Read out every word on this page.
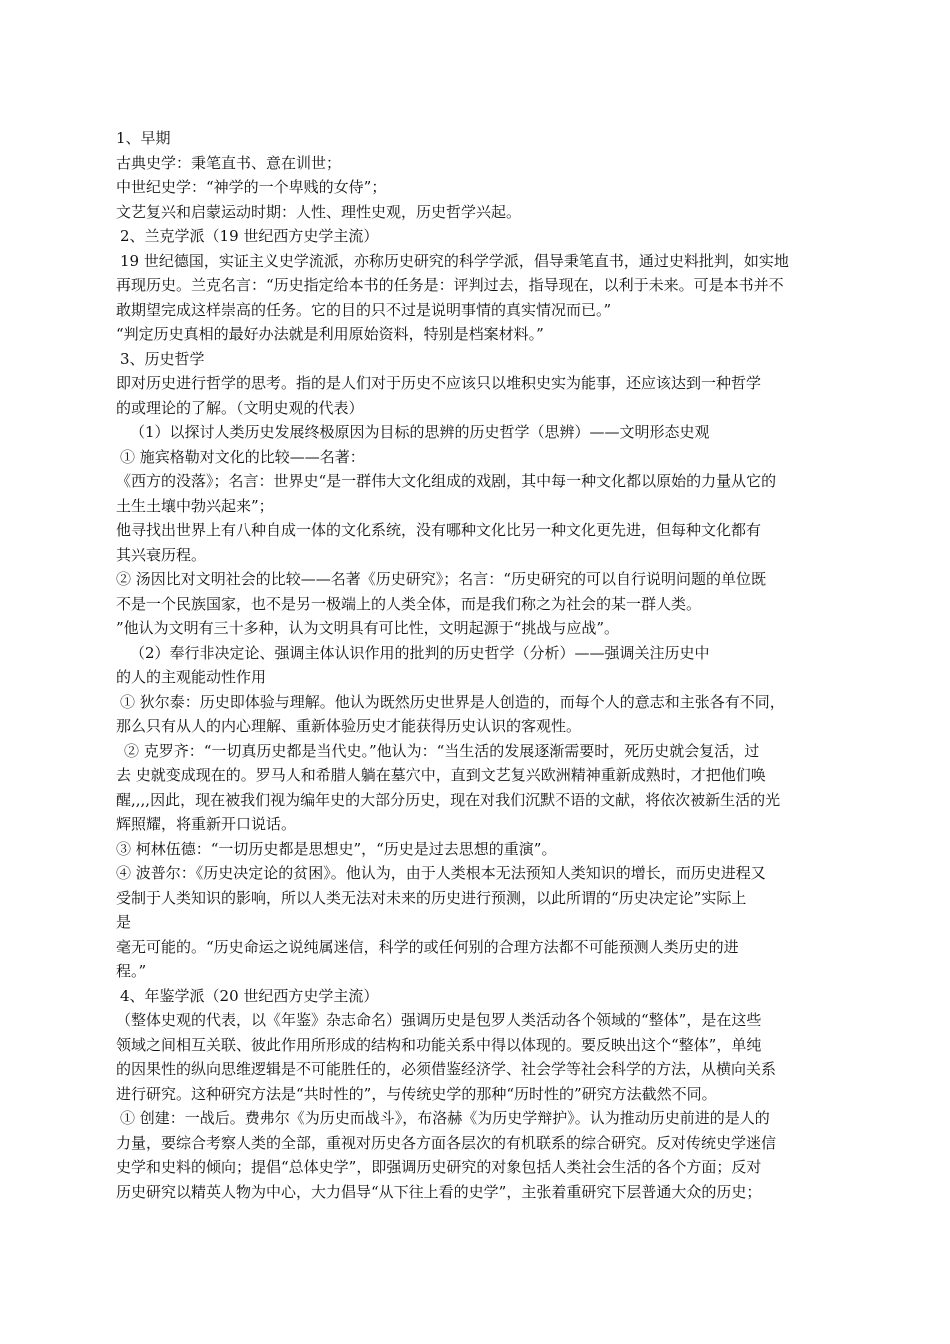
1、早期
古典史学：秉笔直书、意在训世；
中世纪史学：“神学的一个卑贱的女侍”；
文艺复兴和启蒙运动时期：人性、理性史观，历史哲学兴起。
2、兰克学派（19 世纪西方史学主流）
19 世纪德国，实证主义史学流派，亦称历史研究的科学学派，倡导秉笔直书，通过史料批判，如实地
再现历史。兰克名言：“历史指定给本书的任务是：评判过去，指导现在，以利于未来。可是本书并不
敢期望完成这样崇高的任务。它的目的只不过是说明事情的真实情况而已。”
“判定历史真相的最好办法就是利用原始资料，特别是档案材料。”
3、历史哲学
即对历史进行哲学的思考。指的是人们对于历史不应该只以堆积史实为能事，还应该达到一种哲学
的或理论的了解。（文明史观的代表）
（1）以探讨人类历史发展终极原因为目标的思辨的历史哲学（思辨）——文明形态史观
① 施宾格勒对文化的比较——名著：
《西方的没落》；名言：世界史“是一群伟大文化组成的戏剧，其中每一种文化都以原始的力量从它的
土生土壤中勃兴起来”；
他寻找出世界上有八种自成一体的文化系统，没有哪种文化比另一种文化更先进，但每种文化都有
其兴衰历程。
② 汤因比对文明社会的比较——名著《历史研究》；名言：“历史研究的可以自行说明问题的单位既
不是一个民族国家，也不是另一极端上的人类全体，而是我们称之为社会的某一群人类。
”他认为文明有三十多种，认为文明具有可比性，文明起源于“挑战与应战”。
（2）奉行非决定论、强调主体认识作用的批判的历史哲学（分析）——强调关注历史中
的人的主观能动性作用
① 狄尔泰：历史即体验与理解。他认为既然历史世界是人创造的，而每个人的意志和主张各有不同，
那么只有从人的内心理解、重新体验历史才能获得历史认识的客观性。
② 克罗齐：“一切真历史都是当代史。”他认为：“当生活的发展逐渐需要时，死历史就会复活，过
去 史就变成现在的。罗马人和希腊人躺在墓穴中，直到文艺复兴欧洲精神重新成熟时，才把他们唤
醒,,,,因此，现在被我们视为编年史的大部分历史，现在对我们沉默不语的文献，将依次被新生活的光
辉照耀，将重新开口说话。
③ 柯林伍德：“一切历史都是思想史”，“历史是过去思想的重演”。
④ 波普尔：《历史决定论的贫困》。他认为，由于人类根本无法预知人类知识的增长，而历史进程又
受制于人类知识的影响，所以人类无法对未来的历史进行预测，以此所谓的“历史决定论”实际上
是
毫无可能的。“历史命运之说纯属迷信，科学的或任何别的合理方法都不可能预测人类历史的进
程。”
4、年鉴学派（20 世纪西方史学主流）
（整体史观的代表，以《年鉴》杂志命名）强调历史是包罗人类活动各个领域的“整体”，是在这些
领域之间相互关联、彼此作用所形成的结构和功能关系中得以体现的。要反映出这个“整体”，单纯
的因果性的纵向思维逻辑是不可能胜任的，必须借鉴经济学、社会学等社会科学的方法，从横向关系
进行研究。这种研究方法是“共时性的”，与传统史学的那种“历时性的”研究方法截然不同。
① 创建：一战后。费弗尔《为历史而战斗》，布洛赫《为历史学辩护》。认为推动历史前进的是人的
力量，要综合考察人类的全部，重视对历史各方面各层次的有机联系的综合研究。反对传统史学迷信
史学和史料的倾向；提倡“总体史学”，即强调历史研究的对象包括人类社会生活的各个方面；反对
历史研究以精英人物为中心，大力倡导“从下往上看的史学”，主张着重研究下层普通大众的历史；
